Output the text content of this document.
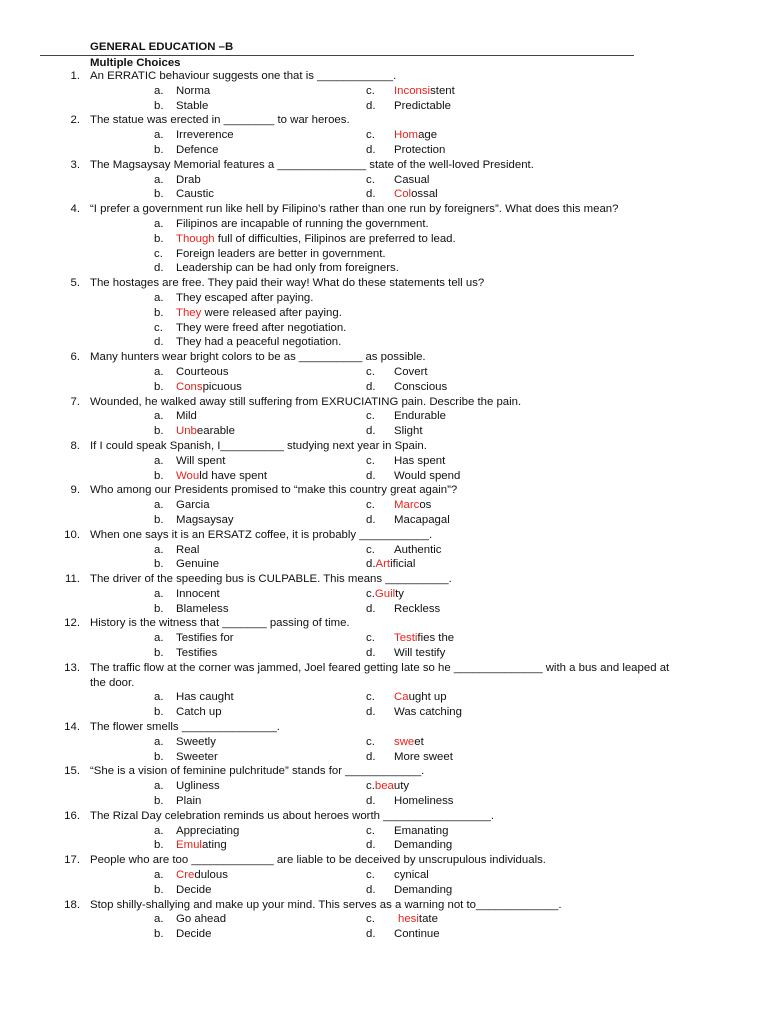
GENERAL EDUCATION –B
Multiple Choices
1. An ERRATIC behaviour suggests one that is ____________.
a.	Norma	c.	Inconsistent
b.	Stable	d.	Predictable
2. The statue was erected in ________ to war heroes.
a.	Irreverence	c.	Homage
b.	Defence	d.	Protection
3. The Magsaysay Memorial features a ______________ state of the well-loved President.
a.	Drab	c.	Casual
b.	Caustic	d.	Colossal
4. “I prefer a government run like hell by Filipino’s rather than one run by foreigners”. What does this mean?
a.	Filipinos are incapable of running the government.
b.	Though full of difficulties, Filipinos are preferred to lead.
c.	Foreign leaders are better in government.
d.	Leadership can be had only from foreigners.
5. The hostages are free. They paid their way! What do these statements tell us?
a.	They escaped after paying.
b.	They were released after paying.
c.	They were freed after negotiation.
d.	They had a peaceful negotiation.
6. Many hunters wear bright colors to be as __________ as possible.
a.	Courteous	c.	Covert
b.	Conspicuous	d.	Conscious
7. Wounded, he walked away still suffering from EXRUCIATING pain. Describe the pain.
a.	Mild	c.	Endurable
b.	Unbearable	d.	Slight
8. If I could speak Spanish, I__________ studying next year in Spain.
a.	Will spent	c.	Has spent
b.	Would have spent	d.	Would spend
9. Who among our Presidents promised to “make this country great again”?
a.	Garcia	c.	Marcos
b.	Magsaysay	d.	Macapagal
10. When one says it is an ERSATZ coffee, it is probably ___________.
a.	Real	c.	Authentic
b.	Genuine	d. Artificial
11. The driver of the speeding bus is CULPABLE. This means __________.
a.	Innocent	c. Guilty
b.	Blameless	d.	Reckless
12. History is the witness that _______ passing of time.
a.	Testifies for	c.	Testifies the
b.	Testifies	d.	Will testify
13. The traffic flow at the corner was jammed, Joel feared getting late so he ______________ with a bus and leaped at the door.
a.	Has caught	c.	Caught up
b.	Catch up	d.	Was catching
14. The flower smells _______________.
a.	Sweetly	c.	sweet
b.	Sweeter	d.	More sweet
15. “She is a vision of feminine pulchritude” stands for ____________.
a.	Ugliness	c. beauty
b.	Plain	d.	Homeliness
16. The Rizal Day celebration reminds us about heroes worth _________________.
a.	Appreciating	c.	Emanating
b.	Emulating	d.	Demanding
17. People who are too _____________ are liable to be deceived by unscrupulous individuals.
a.	Credulous	c.	cynical
b.	Decide	d.	Demanding
18. Stop shilly-shallying and make up your mind. This serves as a warning not to_____________.
a.	Go ahead	c.	hesitate
b.	Decide	d.	Continue
